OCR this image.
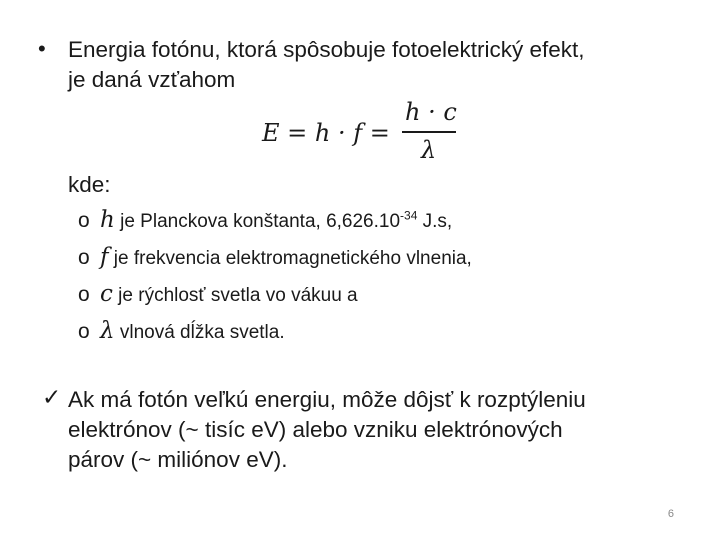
• Energia fotónu, ktorá spôsobuje fotoelektrický efekt,
je daná vzťahom
E = h · f =
h · c
λ
kde:
o h je Planckova konštanta, $6,626.10^{-34}$ J.s,
o f je frekvencia elektromagnetického vlnenia,
o c je rýchlosť svetla vo vákuu a
o λ vlnová dĺžka svetla.
✓ Ak má fotón veľkú energiu, môže dôjsť k rozptýleniu
elektrónov (~ tisíc eV) alebo vzniku elektrónových
párov (~ miliónov eV).
6
